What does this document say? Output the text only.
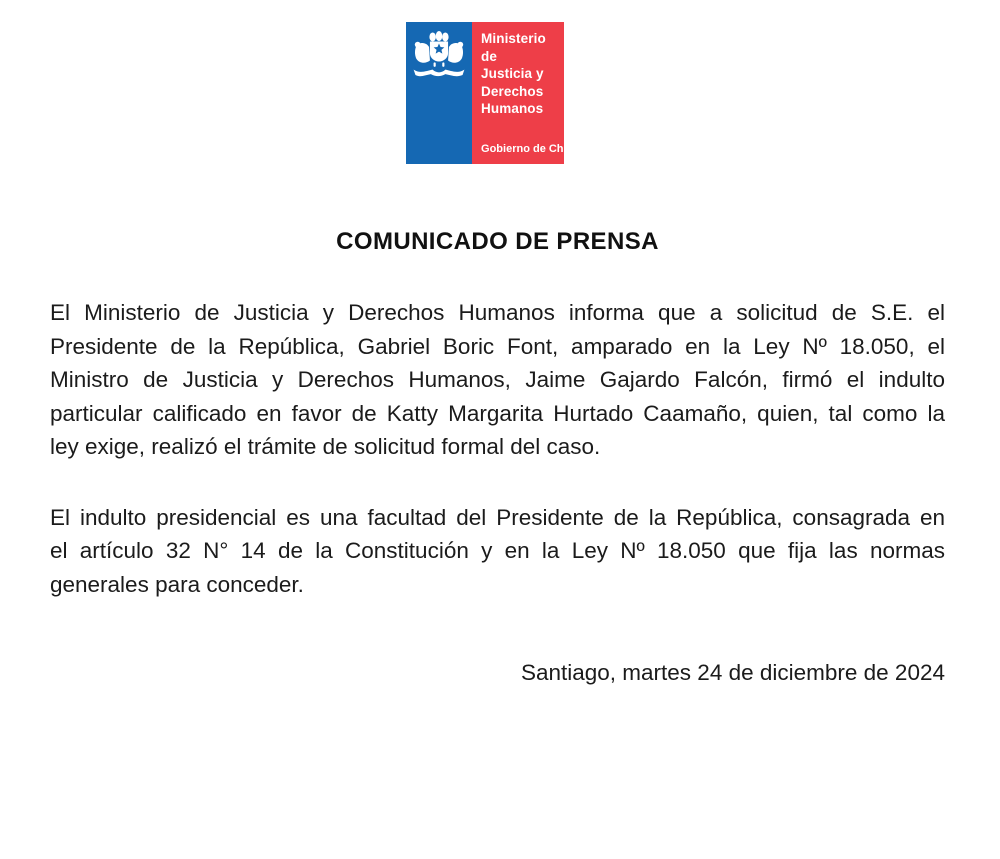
Ministerio de
Justicia y
Derechos
Humanos
Gobierno de Chile
COMUNICADO DE PRENSA
El Ministerio de Justicia y Derechos Humanos informa que a solicitud de S.E. el
Presidente de la República, Gabriel Boric Font, amparado en la Ley Nº 18.050, el
Ministro de Justicia y Derechos Humanos, Jaime Gajardo Falcón, firmó el indulto
particular calificado en favor de Katty Margarita Hurtado Caamaño, quien, tal como la
ley exige, realizó el trámite de solicitud formal del caso.
El indulto presidencial es una facultad del Presidente de la República, consagrada en
el artículo 32 N° 14 de la Constitución y en la Ley Nº 18.050 que fija las normas
generales para conceder.
Santiago, martes 24 de diciembre de 2024
